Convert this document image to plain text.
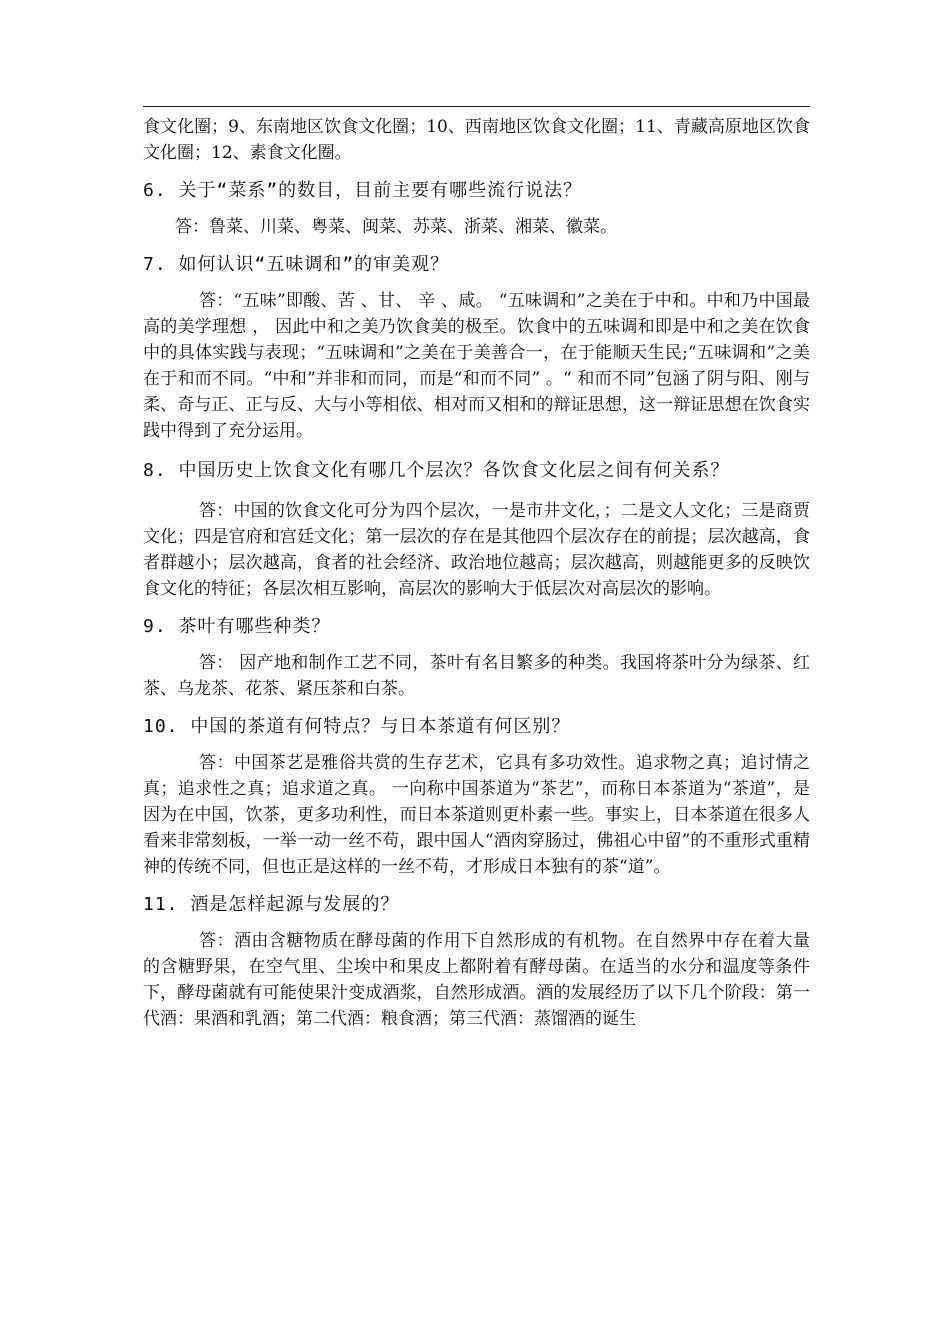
食文化圈；9、东南地区饮食文化圈；10、西南地区饮食文化圈；11、青藏高原地区饮食文化圈；12、素食文化圈。

6. 关于“菜系”的数目，目前主要有哪些流行说法？

答：鲁菜、川菜、粤菜、闽菜、苏菜、浙菜、湘菜、徽菜。

7. 如何认识“五味调和”的审美观？

答：“五味”即酸、苦 、甘、 辛 、咸。 “五味调和”之美在于中和。中和乃中国最高的美学理想 ， 因此中和之美乃饮食美的极至。饮食中的五味调和即是中和之美在饮食中的具体实践与表现；“五味调和”之美在于美善合一，在于能顺天生民;“五味调和”之美在于和而不同。“中和”并非和而同，而是“和而不同” 。“ 和而不同”包涵了阴与阳、刚与柔、奇与正、正与反、大与小等相依、相对而又相和的辩证思想，这一辩证思想在饮食实践中得到了充分运用。

8. 中国历史上饮食文化有哪几个层次？各饮食文化层之间有何关系？

答：中国的饮食文化可分为四个层次，一是市井文化，；二是文人文化；三是商贾文化；四是官府和宫廷文化；第一层次的存在是其他四个层次存在的前提；层次越高，食者群越小；层次越高，食者的社会经济、政治地位越高；层次越高，则越能更多的反映饮食文化的特征；各层次相互影响，高层次的影响大于低层次对高层次的影响。

9. 茶叶有哪些种类？

答： 因产地和制作工艺不同，茶叶有名目繁多的种类。我国将茶叶分为绿茶、红茶、乌龙茶、花茶、紧压茶和白茶。

10. 中国的茶道有何特点？与日本茶道有何区别？

答：中国茶艺是雅俗共赏的生存艺术，它具有多功效性。追求物之真；追讨情之真；追求性之真；追求道之真。 一向称中国茶道为“茶艺”，而称日本茶道为“茶道”，是因为在中国，饮茶，更多功利性，而日本茶道则更朴素一些。事实上，日本茶道在很多人看来非常刻板，一举一动一丝不苟，跟中国人“酒肉穿肠过，佛祖心中留”的不重形式重精神的传统不同，但也正是这样的一丝不苟，才形成日本独有的茶“道”。

11. 酒是怎样起源与发展的？

答：酒由含糖物质在酵母菌的作用下自然形成的有机物。在自然界中存在着大量的含糖野果，在空气里、尘埃中和果皮上都附着有酵母菌。在适当的水分和温度等条件下，酵母菌就有可能使果汁变成酒浆，自然形成酒。酒的发展经历了以下几个阶段：第一代酒：果酒和乳酒；第二代酒：粮食酒；第三代酒：蒸馏酒的诞生
